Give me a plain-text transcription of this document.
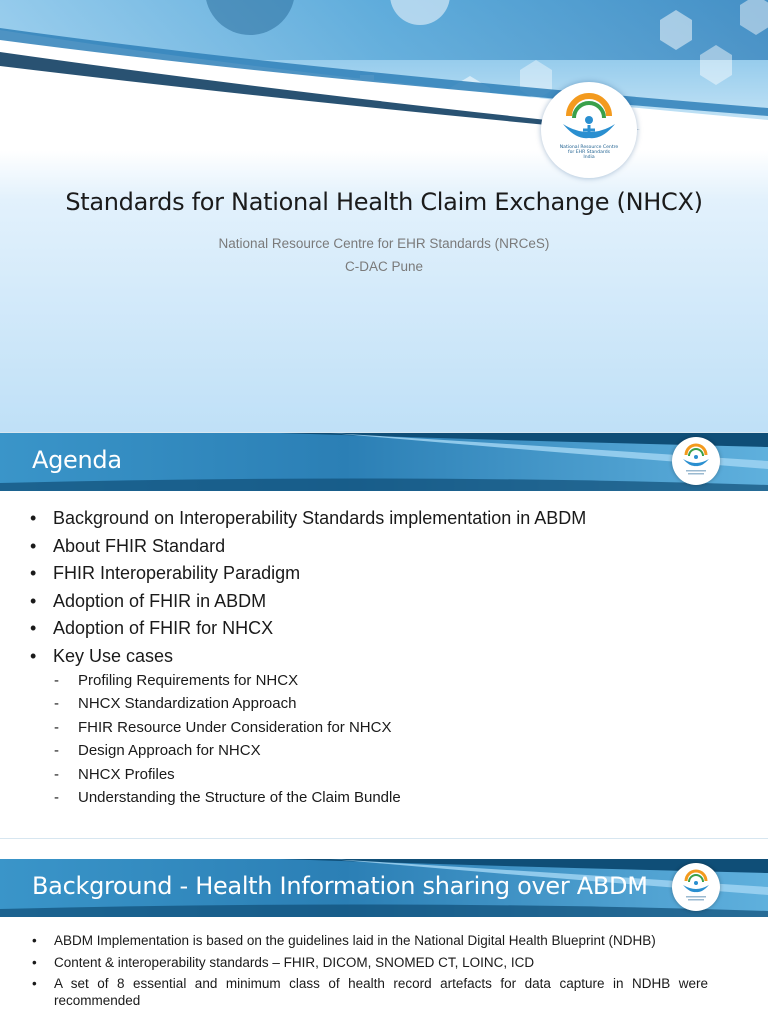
National Resource Centre
for EHR Standards
India
Standards for National Health Claim Exchange (NHCX)
National Resource Centre for EHR Standards (NRCeS)
C-DAC Pune
Agenda
• Background on Interoperability Standards implementation in ABDM
• About FHIR Standard
• FHIR Interoperability Paradigm
• Adoption of FHIR in ABDM
• Adoption of FHIR for NHCX
• Key Use cases
- Profiling Requirements for NHCX
- NHCX Standardization Approach
- FHIR Resource Under Consideration for NHCX
- Design Approach for NHCX
- NHCX Profiles
- Understanding the Structure of the Claim Bundle
Background - Health Information sharing over ABDM
• ABDM Implementation is based on the guidelines laid in the National Digital Health Blueprint (NDHB)
• Content & interoperability standards – FHIR, DICOM, SNOMED CT, LOINC, ICD
• A set of 8 essential and minimum class of health record artefacts for data capture in NDHB were recommended
